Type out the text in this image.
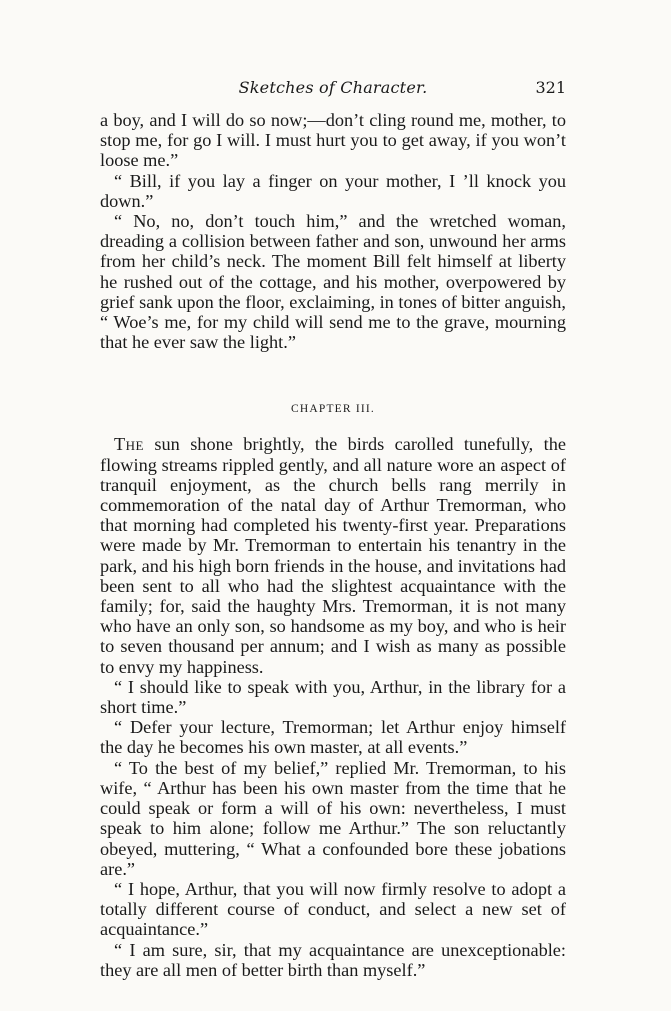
Sketches of Character.	321

a boy, and I will do so now;—don’t cling round me, mother, to stop me, for go I will. I must hurt you to get away, if you won’t loose me.”

“ Bill, if you lay a finger on your mother, I ’ll knock you down.”

“ No, no, don’t touch him,” and the wretched woman, dreading a collision between father and son, unwound her arms from her child’s neck. The moment Bill felt himself at liberty he rushed out of the cottage, and his mother, overpowered by grief sank upon the floor, exclaiming, in tones of bitter anguish, “ Woe’s me, for my child will send me to the grave, mourning that he ever saw the light.”

CHAPTER III.

The sun shone brightly, the birds carolled tunefully, the flowing streams rippled gently, and all nature wore an aspect of tranquil enjoyment, as the church bells rang merrily in commemoration of the natal day of Arthur Tremorman, who that morning had completed his twenty-first year. Preparations were made by Mr. Tremorman to entertain his tenantry in the park, and his high born friends in the house, and invitations had been sent to all who had the slightest acquaintance with the family; for, said the haughty Mrs. Tremorman, it is not many who have an only son, so handsome as my boy, and who is heir to seven thousand per annum; and I wish as many as possible to envy my happiness.

“ I should like to speak with you, Arthur, in the library for a short time.”

“ Defer your lecture, Tremorman; let Arthur enjoy himself the day he becomes his own master, at all events.”

“ To the best of my belief,” replied Mr. Tremorman, to his wife, “ Arthur has been his own master from the time that he could speak or form a will of his own: nevertheless, I must speak to him alone; follow me Arthur.” The son reluctantly obeyed, muttering, “ What a confounded bore these jobations are.”

“ I hope, Arthur, that you will now firmly resolve to adopt a totally different course of conduct, and select a new set of acquaintance.”

“ I am sure, sir, that my acquaintance are unexceptionable: they are all men of better birth than myself.”
